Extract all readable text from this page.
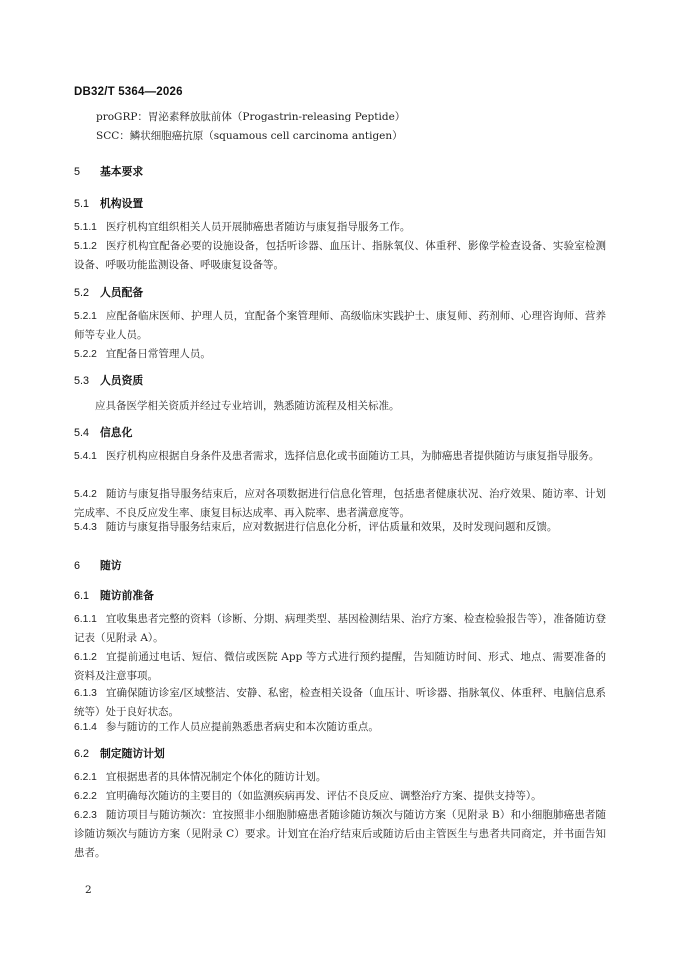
DB32/T 5364—2026
proGRP：胃泌素释放肽前体（Progastrin-releasing Peptide）
SCC：鳞状细胞癌抗原（squamous cell carcinoma antigen）
5 基本要求
5.1 机构设置
5.1.1 医疗机构宜组织相关人员开展肺癌患者随访与康复指导服务工作。
5.1.2 医疗机构宜配备必要的设施设备，包括听诊器、血压计、指脉氧仪、体重秤、影像学检查设备、实验室检测设备、呼吸功能监测设备、呼吸康复设备等。
5.2 人员配备
5.2.1 应配备临床医师、护理人员，宜配备个案管理师、高级临床实践护士、康复师、药剂师、心理咨询师、营养师等专业人员。
5.2.2 宜配备日常管理人员。
5.3 人员资质
应具备医学相关资质并经过专业培训，熟悉随访流程及相关标准。
5.4 信息化
5.4.1 医疗机构应根据自身条件及患者需求，选择信息化或书面随访工具，为肺癌患者提供随访与康复指导服务。
5.4.2 随访与康复指导服务结束后，应对各项数据进行信息化管理，包括患者健康状况、治疗效果、随访率、计划完成率、不良反应发生率、康复目标达成率、再入院率、患者满意度等。
5.4.3 随访与康复指导服务结束后，应对数据进行信息化分析，评估质量和效果，及时发现问题和反馈。
6 随访
6.1 随访前准备
6.1.1 宜收集患者完整的资料（诊断、分期、病理类型、基因检测结果、治疗方案、检查检验报告等），准备随访登记表（见附录 A）。
6.1.2 宜提前通过电话、短信、微信或医院 App 等方式进行预约提醒，告知随访时间、形式、地点、需要准备的资料及注意事项。
6.1.3 宜确保随访诊室/区域整洁、安静、私密，检查相关设备（血压计、听诊器、指脉氧仪、体重秤、电脑信息系统等）处于良好状态。
6.1.4 参与随访的工作人员应提前熟悉患者病史和本次随访重点。
6.2 制定随访计划
6.2.1 宜根据患者的具体情况制定个体化的随访计划。
6.2.2 宜明确每次随访的主要目的（如监测疾病再发、评估不良反应、调整治疗方案、提供支持等）。
6.2.3 随访项目与随访频次：宜按照非小细胞肺癌患者随诊随访频次与随访方案（见附录 B）和小细胞肺癌患者随诊随访频次与随访方案（见附录 C）要求。计划宜在治疗结束后或随访后由主管医生与患者共同商定，并书面告知患者。
2
